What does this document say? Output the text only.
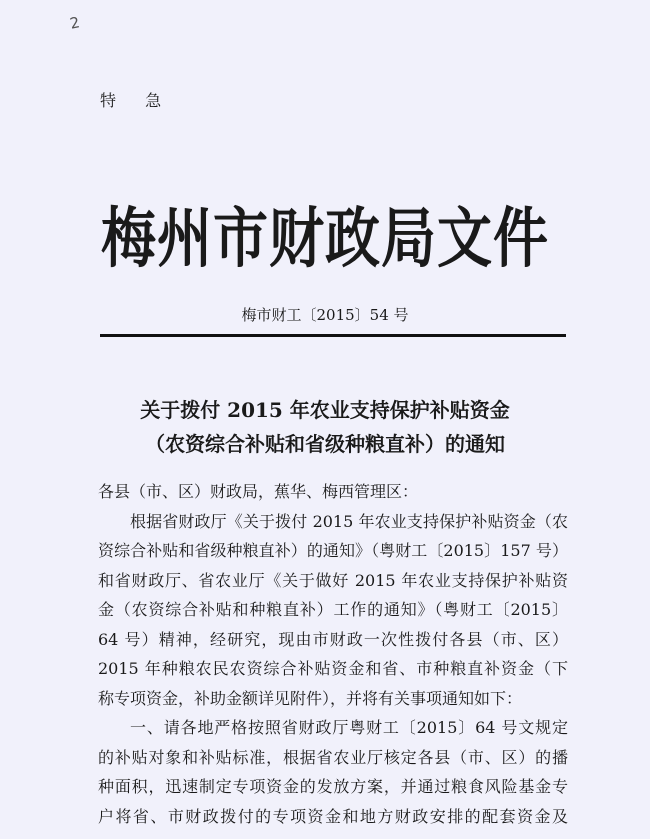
2
特 急
梅州市财政局文件
梅市财工〔2015〕54 号
关于拨付 2015 年农业支持保护补贴资金
（农资综合补贴和省级种粮直补）的通知

各县（市、区）财政局，蕉华、梅西管理区：

根据省财政厅《关于拨付 2015 年农业支持保护补贴资金（农

资综合补贴和省级种粮直补）的通知》（粤财工〔2015〕157 号）

和省财政厅、省农业厅《关于做好 2015 年农业支持保护补贴资

金（农资综合补贴和种粮直补）工作的通知》（粤财工〔2015〕

64 号）精神，经研究，现由市财政一次性拨付各县（市、区）

2015 年种粮农民农资综合补贴资金和省、市种粮直补资金（下

称专项资金，补助金额详见附件），并将有关事项通知如下：

一、请各地严格按照省财政厅粤财工〔2015〕64 号文规定

的补贴对象和补贴标准，根据省农业厅核定各县（市、区）的播

种面积，迅速制定专项资金的发放方案，并通过粮食风险基金专

户将省、市财政拨付的专项资金和地方财政安排的配套资金及
